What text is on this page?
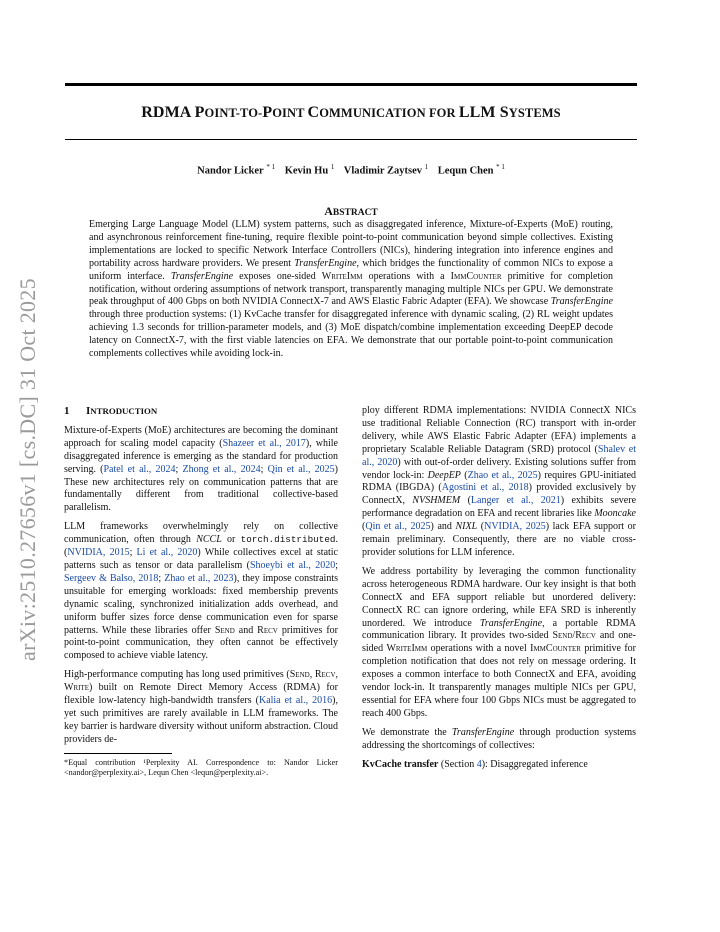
arXiv:2510.27656v1 [cs.DC] 31 Oct 2025
RDMA POINT-TO-POINT COMMUNICATION FOR LLM SYSTEMS
Nandor Licker $^{* 1}$ Kevin Hu $^1$ Vladimir Zaytsev $^1$ Lequn Chen $^{* 1}$
ABSTRACT
Emerging Large Language Model (LLM) system patterns, such as disaggregated inference, Mixture-of-Experts (MoE) routing, and asynchronous reinforcement fine-tuning, require flexible point-to-point communication beyond simple collectives. Existing implementations are locked to specific Network Interface Controllers (NICs), hindering integration into inference engines and portability across hardware providers. We present TransferEngine, which bridges the functionality of common NICs to expose a uniform interface. TransferEngine exposes one-sided WriteImm operations with a ImmCounter primitive for completion notification, without ordering assumptions of network transport, transparently managing multiple NICs per GPU. We demonstrate peak throughput of 400 Gbps on both NVIDIA ConnectX-7 and AWS Elastic Fabric Adapter (EFA). We showcase TransferEngine through three production systems: (1) KvCache transfer for disaggregated inference with dynamic scaling, (2) RL weight updates achieving 1.3 seconds for trillion-parameter models, and (3) MoE dispatch/combine implementation exceeding DeepEP decode latency on ConnectX-7, with the first viable latencies on EFA. We demonstrate that our portable point-to-point communication complements collectives while avoiding lock-in.
1 INTRODUCTION

Mixture-of-Experts (MoE) architectures are becoming the dominant approach for scaling model capacity (Shazeer et al., 2017), while disaggregated inference is emerging as the standard for production serving. (Patel et al., 2024; Zhong et al., 2024; Qin et al., 2025) These new architectures rely on communication patterns that are fundamentally different from traditional collective-based parallelism.

LLM frameworks overwhelmingly rely on collective communication, often through NCCL or torch.distributed. (NVIDIA, 2015; Li et al., 2020) While collectives excel at static patterns such as tensor or data parallelism (Shoeybi et al., 2020; Sergeev & Balso, 2018; Zhao et al., 2023), they impose constraints unsuitable for emerging workloads: fixed membership prevents dynamic scaling, synchronized initialization adds overhead, and uniform buffer sizes force dense communication even for sparse patterns. While these libraries offer Send and Recv primitives for point-to-point communication, they often cannot be effectively composed to achieve viable latency.

High-performance computing has long used primitives (Send, Recv, Write) built on Remote Direct Memory Access (RDMA) for flexible low-latency high-bandwidth transfers (Kalia et al., 2016), yet such primitives are rarely available in LLM frameworks. The key barrier is hardware diversity without uniform abstraction. Cloud providers de-

*Equal contribution ¹Perplexity AI. Correspondence to: Nandor Licker <nandor@perplexity.ai>, Lequn Chen <lequn@perplexity.ai>.

ploy different RDMA implementations: NVIDIA ConnectX NICs use traditional Reliable Connection (RC) transport with in-order delivery, while AWS Elastic Fabric Adapter (EFA) implements a proprietary Scalable Reliable Datagram (SRD) protocol (Shalev et al., 2020) with out-of-order delivery. Existing solutions suffer from vendor lock-in: DeepEP (Zhao et al., 2025) requires GPU-initiated RDMA (IBGDA) (Agostini et al., 2018) provided exclusively by ConnectX, NVSHMEM (Langer et al., 2021) exhibits severe performance degradation on EFA and recent libraries like Mooncake (Qin et al., 2025) and NIXL (NVIDIA, 2025) lack EFA support or remain preliminary. Consequently, there are no viable cross-provider solutions for LLM inference.

We address portability by leveraging the common functionality across heterogeneous RDMA hardware. Our key insight is that both ConnectX and EFA support reliable but unordered delivery: ConnectX RC can ignore ordering, while EFA SRD is inherently unordered. We introduce TransferEngine, a portable RDMA communication library. It provides two-sided Send/Recv and one-sided WriteImm operations with a novel ImmCounter primitive for completion notification that does not rely on message ordering. It exposes a common interface to both ConnectX and EFA, avoiding vendor lock-in. It transparently manages multiple NICs per GPU, essential for EFA where four 100 Gbps NICs must be aggregated to reach 400 Gbps.

We demonstrate the TransferEngine through production systems addressing the shortcomings of collectives:

KvCache transfer (Section 4): Disaggregated inference
